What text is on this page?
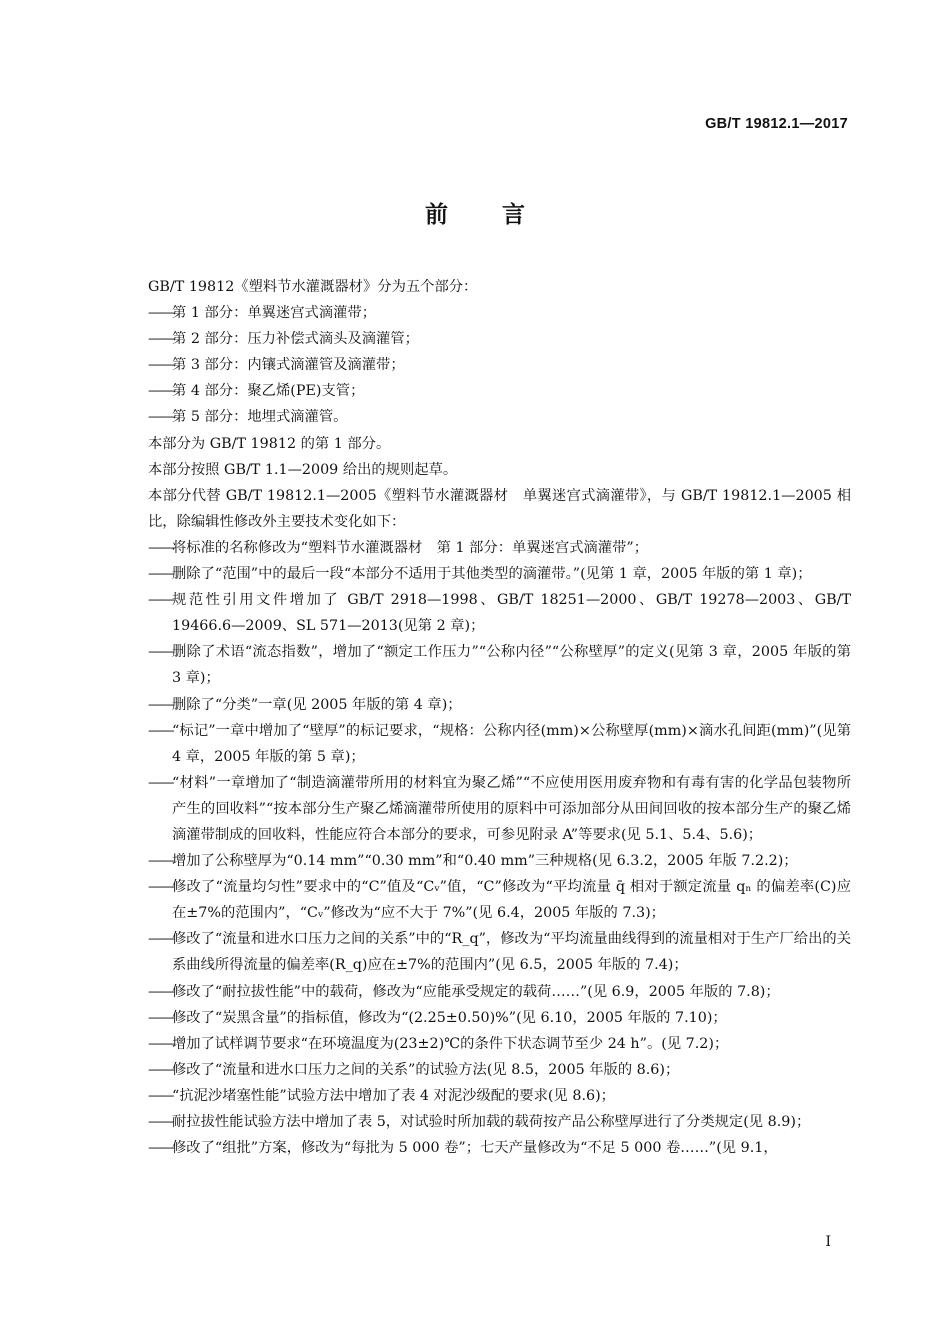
GB/T 19812.1—2017
前 言

GB/T 19812《塑料节水灌溉器材》分为五个部分：

—— 第 1 部分：单翼迷宫式滴灌带；

—— 第 2 部分：压力补偿式滴头及滴灌管；

—— 第 3 部分：内镶式滴灌管及滴灌带；

—— 第 4 部分：聚乙烯(PE)支管；

—— 第 5 部分：地埋式滴灌管。

本部分为 GB/T 19812 的第 1 部分。

本部分按照 GB/T 1.1—2009 给出的规则起草。

本部分代替 GB/T 19812.1—2005《塑料节水灌溉器材　单翼迷宫式滴灌带》，与 GB/T 19812.1—2005 相比，除编辑性修改外主要技术变化如下：

—— 将标准的名称修改为“塑料节水灌溉器材　第 1 部分：单翼迷宫式滴灌带”；

—— 删除了“范围”中的最后一段“本部分不适用于其他类型的滴灌带。”(见第 1 章，2005 年版的第 1 章)；

—— 规范性引用文件增加了 GB/T 2918—1998、GB/T 18251—2000、GB/T 19278—2003、GB/T 19466.6—2009、SL 571—2013(见第 2 章)；

—— 删除了术语“流态指数”，增加了“额定工作压力”“公称内径”“公称壁厚”的定义(见第 3 章，2005 年版的第 3 章)；

—— 删除了“分类”一章(见 2005 年版的第 4 章)；

—— “标记”一章中增加了“壁厚”的标记要求，“规格：公称内径(mm)×公称壁厚(mm)×滴水孔间距(mm)”(见第 4 章，2005 年版的第 5 章)；

—— “材料”一章增加了“制造滴灌带所用的材料宜为聚乙烯”“不应使用医用废弃物和有毒有害的化学品包装物所产生的回收料”“按本部分生产聚乙烯滴灌带所使用的原料中可添加部分从田间回收的按本部分生产的聚乙烯滴灌带制成的回收料，性能应符合本部分的要求，可参见附录 A”等要求(见 5.1、5.4、5.6)；

—— 增加了公称壁厚为“0.14 mm”“0.30 mm”和“0.40 mm”三种规格(见 6.3.2，2005 年版 7.2.2)；

—— 修改了“流量均匀性”要求中的“C”值及“Cᵥ”值，“C”修改为“平均流量 q̄ 相对于额定流量 qₙ 的偏差率(C)应在±7%的范围内”，“Cᵥ”修改为“应不大于 7%”(见 6.4，2005 年版的 7.3)；

—— 修改了“流量和进水口压力之间的关系”中的“R_q”，修改为“平均流量曲线得到的流量相对于生产厂给出的关系曲线所得流量的偏差率(R_q)应在±7%的范围内”(见 6.5，2005 年版的 7.4)；

—— 修改了“耐拉拔性能”中的载荷，修改为“应能承受规定的载荷……”(见 6.9，2005 年版的 7.8)；

—— 修改了“炭黑含量”的指标值，修改为“(2.25±0.50)%”(见 6.10，2005 年版的 7.10)；

—— 增加了试样调节要求“在环境温度为(23±2)℃的条件下状态调节至少 24 h”。(见 7.2)；

—— 修改了“流量和进水口压力之间的关系”的试验方法(见 8.5，2005 年版的 8.6)；

—— “抗泥沙堵塞性能”试验方法中增加了表 4 对泥沙级配的要求(见 8.6)；

—— 耐拉拔性能试验方法中增加了表 5，对试验时所加载的载荷按产品公称壁厚进行了分类规定(见 8.9)；

—— 修改了“组批”方案，修改为“每批为 5 000 卷”；七天产量修改为“不足 5 000 卷……”(见 9.1，

I
